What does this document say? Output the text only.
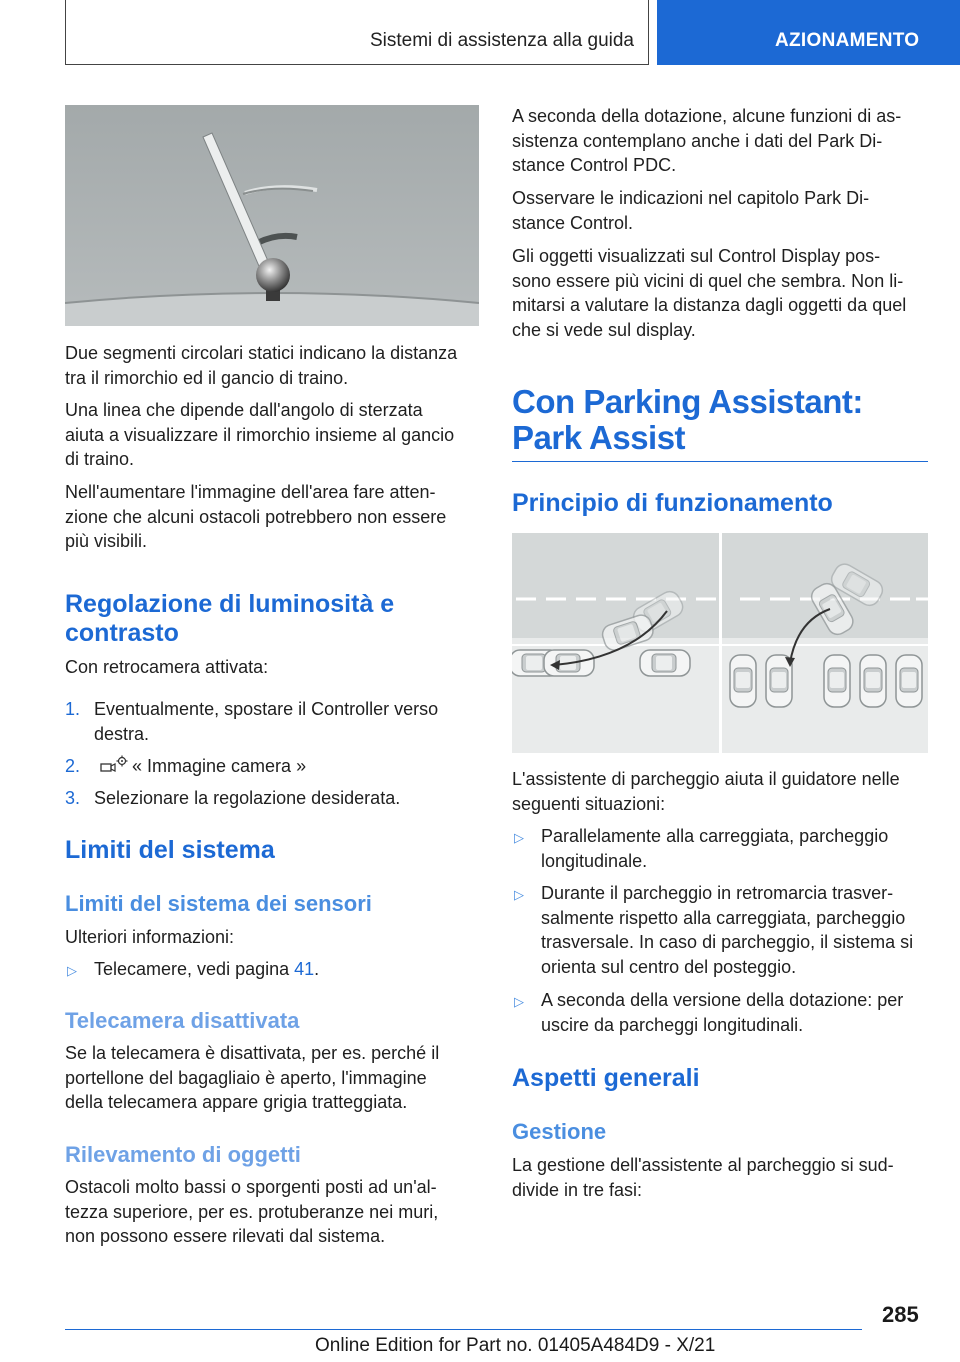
Sistemi di assistenza alla guida	AZIONAMENTO
Due segmenti circolari statici indicano la distanza
tra il rimorchio ed il gancio di traino.
Una linea che dipende dall'angolo di sterzata
aiuta a visualizzare il rimorchio insieme al gancio
di traino.
Nell'aumentare l'immagine dell'area fare atten-
zione che alcuni ostacoli potrebbero non essere
più visibili.
Regolazione di luminosità e
contrasto
Con retrocamera attivata:
1. Eventualmente, spostare il Controller verso
destra.
2.	« Immagine camera »
3. Selezionare la regolazione desiderata.
Limiti del sistema
Limiti del sistema dei sensori
Ulteriori informazioni:
▷ Telecamere, vedi pagina 41.
Telecamera disattivata
Se la telecamera è disattivata, per es. perché il
portellone del bagagliaio è aperto, l'immagine
della telecamera appare grigia tratteggiata.
Rilevamento di oggetti
Ostacoli molto bassi o sporgenti posti ad un'al-
tezza superiore, per es. protuberanze nei muri,
non possono essere rilevati dal sistema.
A seconda della dotazione, alcune funzioni di as-
sistenza contemplano anche i dati del Park Di-
stance Control PDC.
Osservare le indicazioni nel capitolo Park Di-
stance Control.
Gli oggetti visualizzati sul Control Display pos-
sono essere più vicini di quel che sembra. Non li-
mitarsi a valutare la distanza dagli oggetti da quel
che si vede sul display.
Con Parking Assistant:
Park Assist
Principio di funzionamento
L'assistente di parcheggio aiuta il guidatore nelle
seguenti situazioni:
▷ Parallelamente alla carreggiata, parcheggio
longitudinale.
▷ Durante il parcheggio in retromarcia trasver-
salmente rispetto alla carreggiata, parcheggio
trasversale. In caso di parcheggio, il sistema si
orienta sul centro del posteggio.
▷ A seconda della versione della dotazione: per
uscire da parcheggi longitudinali.
Aspetti generali
Gestione
La gestione dell'assistente al parcheggio si sud-
divide in tre fasi:
285
Online Edition for Part no. 01405A484D9 - X/21
